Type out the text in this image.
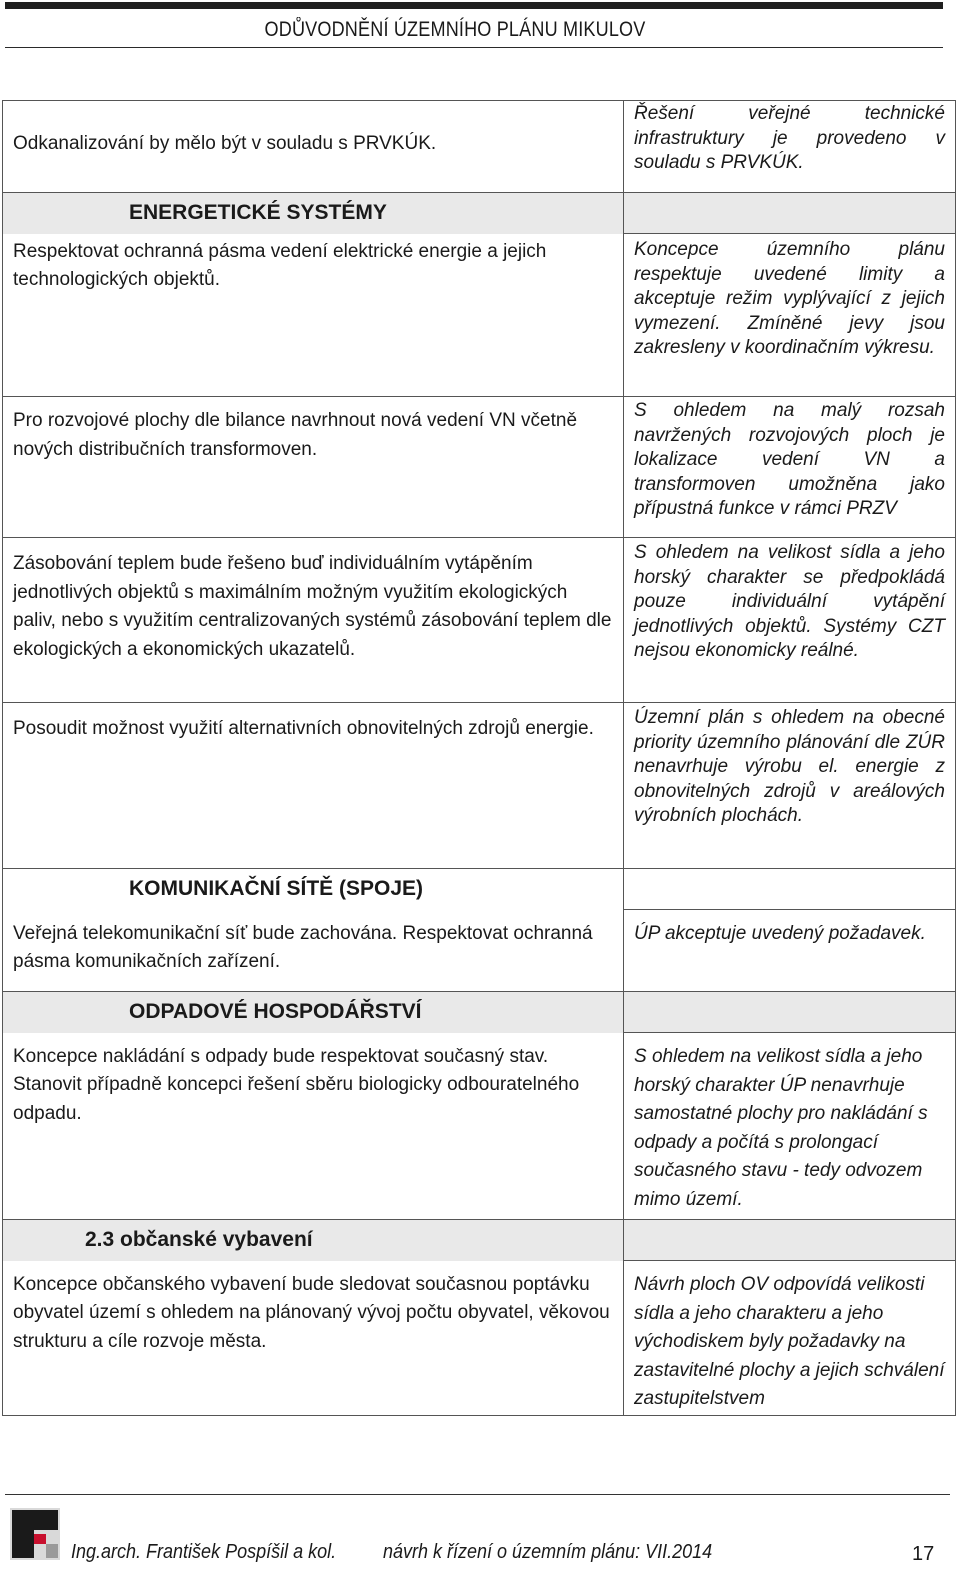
ODŮVODNĚNÍ ÚZEMNÍHO PLÁNU MIKULOV
Odkanalizování by mělo být v souladu s PRVKÚK.	Řešení veřejné technické infrastruktury je provedeno v souladu s PRVKÚK.

ENERGETICKÉ SYSTÉMY	

Respektovat ochranná pásma vedení elektrické energie a jejich technologických objektů.	Koncepce územního plánu respektuje uvedené limity a akceptuje režim vyplývající z jejich vymezení. Zmíněné jevy jsou zakresleny v koordinačním výkresu.

Pro rozvojové plochy dle bilance navrhnout nová vedení VN včetně nových distribučních transformoven.	S ohledem na malý rozsah navržených rozvojových ploch je lokalizace vedení VN a transformoven umožněna jako přípustná funkce v rámci PRZV

Zásobování teplem bude řešeno buď individuálním vytápěním jednotlivých objektů s maximálním možným využitím ekologických paliv, nebo s využitím centralizovaných systémů zásobování teplem dle ekologických a ekonomických ukazatelů.	S ohledem na velikost sídla a jeho horský charakter se předpokládá pouze individuální vytápění jednotlivých objektů. Systémy CZT nejsou ekonomicky reálné.

Posoudit možnost využití alternativních obnovitelných zdrojů energie.	Územní plán s ohledem na obecné priority územního plánování dle ZÚR nenavrhuje výrobu el. energie z obnovitelných zdrojů v areálových výrobních plochách.

KOMUNIKAČNÍ SÍTĚ (SPOJE)	

Veřejná telekomunikační síť bude zachována. Respektovat ochranná pásma komunikačních zařízení.	ÚP akceptuje uvedený požadavek.

ODPADOVÉ HOSPODÁŘSTVÍ	

Koncepce nakládání s odpady bude respektovat současný stav. Stanovit případně koncepci řešení sběru biologicky odbouratelného odpadu.	S ohledem na velikost sídla a jeho horský charakter ÚP nenavrhuje samostatné plochy pro nakládání s odpady a počítá s prolongací současného stavu - tedy odvozem mimo území.

2.3 občanské vybavení	

Koncepce občanského vybavení bude sledovat současnou poptávku obyvatel území s ohledem na plánovaný vývoj počtu obyvatel, věkovou strukturu a cíle rozvoje města.	Návrh ploch OV odpovídá velikosti sídla a jeho charakteru a jeho východiskem byly požadavky na zastavitelné plochy a jejich schválení zastupitelstvem
Ing.arch. František Pospíšil a kol. návrh k řízení o územním plánu: VII.2014	17
